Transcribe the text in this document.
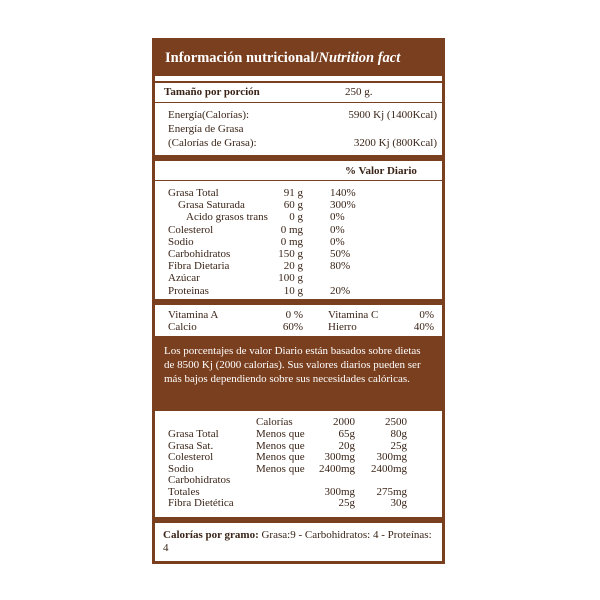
Información nutricional/Nutrition fact
Tamaño por porción	250 g.
Energía(Calorías):	5900 Kj (1400Kcal)
Energía de Grasa
(Calorías de Grasa):	3200 Kj (800Kcal)
% Valor Diario
Grasa Total	91 g 140%
Grasa Saturada	60 g 300%
Acido grasos trans	0 g 0%
Colesterol	0 mg 0%
Sodio	0 mg 0%
Carbohidratos	150 g 50%
Fibra Dietaria	20 g 80%
Azúcar	100 g
Proteinas	10 g 20%
Vitamina A	0 % Vitamina C	0%
Calcio	60% Hierro	40%
Los porcentajes de valor Diario están basados sobre dietas de 8500 Kj (2000 calorías). Sus valores diarios pueden ser más bajos dependiendo sobre sus necesidades calóricas.
Calorías	2000	2500
Grasa Total	Menos que	65g	80g
Grasa Sat.	Menos que	20g	25g
Colesterol	Menos que	300mg	300mg
Sodio	Menos que	2400mg	2400mg
Carbohidratos
Totales	300mg	275mg
Fibra Dietética	25g	30g
Calorías por gramo: Grasa:9 - Carbohidratos: 4 - Proteínas: 4
